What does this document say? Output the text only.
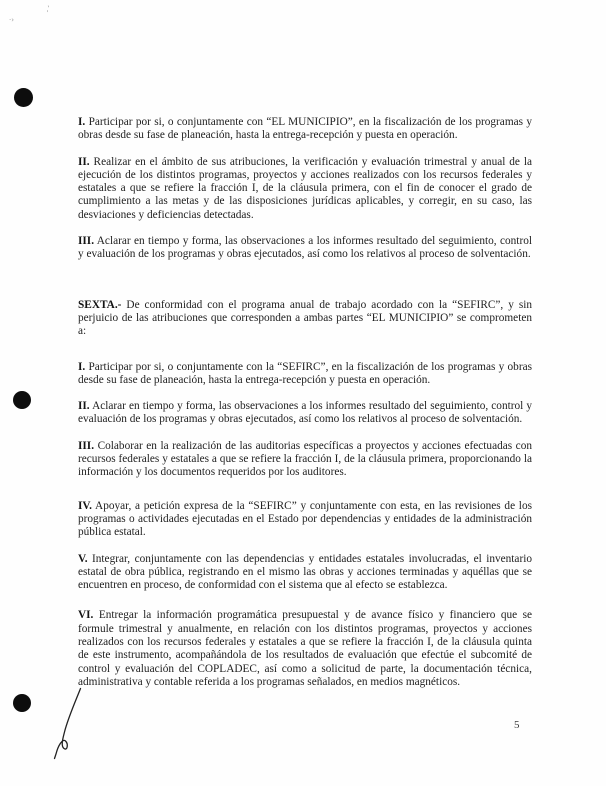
‚ʼ
·›

I. Participar por si, o conjuntamente con “EL MUNICIPIO”, en la fiscalización de los programas y obras desde su fase de planeación, hasta la entrega-recepción y puesta en operación.

II. Realizar en el ámbito de sus atribuciones, la verificación y evaluación trimestral y anual de la ejecución de los distintos programas, proyectos y acciones realizados con los recursos federales y estatales a que se refiere la fracción I, de la cláusula primera, con el fin de conocer el grado de cumplimiento a las metas y de las disposiciones jurídicas aplicables, y corregir, en su caso, las desviaciones y deficiencias detectadas.

III. Aclarar en tiempo y forma, las observaciones a los informes resultado del seguimiento, control y evaluación de los programas y obras ejecutados, así como los relativos al proceso de solventación.

SEXTA.- De conformidad con el programa anual de trabajo acordado con la “SEFIRC”, y sin perjuicio de las atribuciones que corresponden a ambas partes “EL MUNICIPIO” se comprometen a:

I. Participar por si, o conjuntamente con la “SEFIRC”, en la fiscalización de los programas y obras desde su fase de planeación, hasta la entrega-recepción y puesta en operación.

II. Aclarar en tiempo y forma, las observaciones a los informes resultado del seguimiento, control y evaluación de los programas y obras ejecutados, así como los relativos al proceso de solventación.

III. Colaborar en la realización de las auditorias específicas a proyectos y acciones efectuadas con recursos federales y estatales a que se refiere la fracción I, de la cláusula primera, proporcionando la información y los documentos requeridos por los auditores.

IV. Apoyar, a petición expresa de la “SEFIRC” y conjuntamente con esta, en las revisiones de los programas o actividades ejecutadas en el Estado por dependencias y entidades de la administración pública estatal.

V. Integrar, conjuntamente con las dependencias y entidades estatales involucradas, el inventario estatal de obra pública, registrando en el mismo las obras y acciones terminadas y aquéllas que se encuentren en proceso, de conformidad con el sistema que al efecto se establezca.

VI. Entregar la información programática presupuestal y de avance físico y financiero que se formule trimestral y anualmente, en relación con los distintos programas, proyectos y acciones realizados con los recursos federales y estatales a que se refiere la fracción I, de la cláusula quinta de este instrumento, acompañándola de los resultados de evaluación que efectúe el subcomité de control y evaluación del COPLADEC, así como a solicitud de parte, la documentación técnica, administrativa y contable referida a los programas señalados, en medios magnéticos.

5
